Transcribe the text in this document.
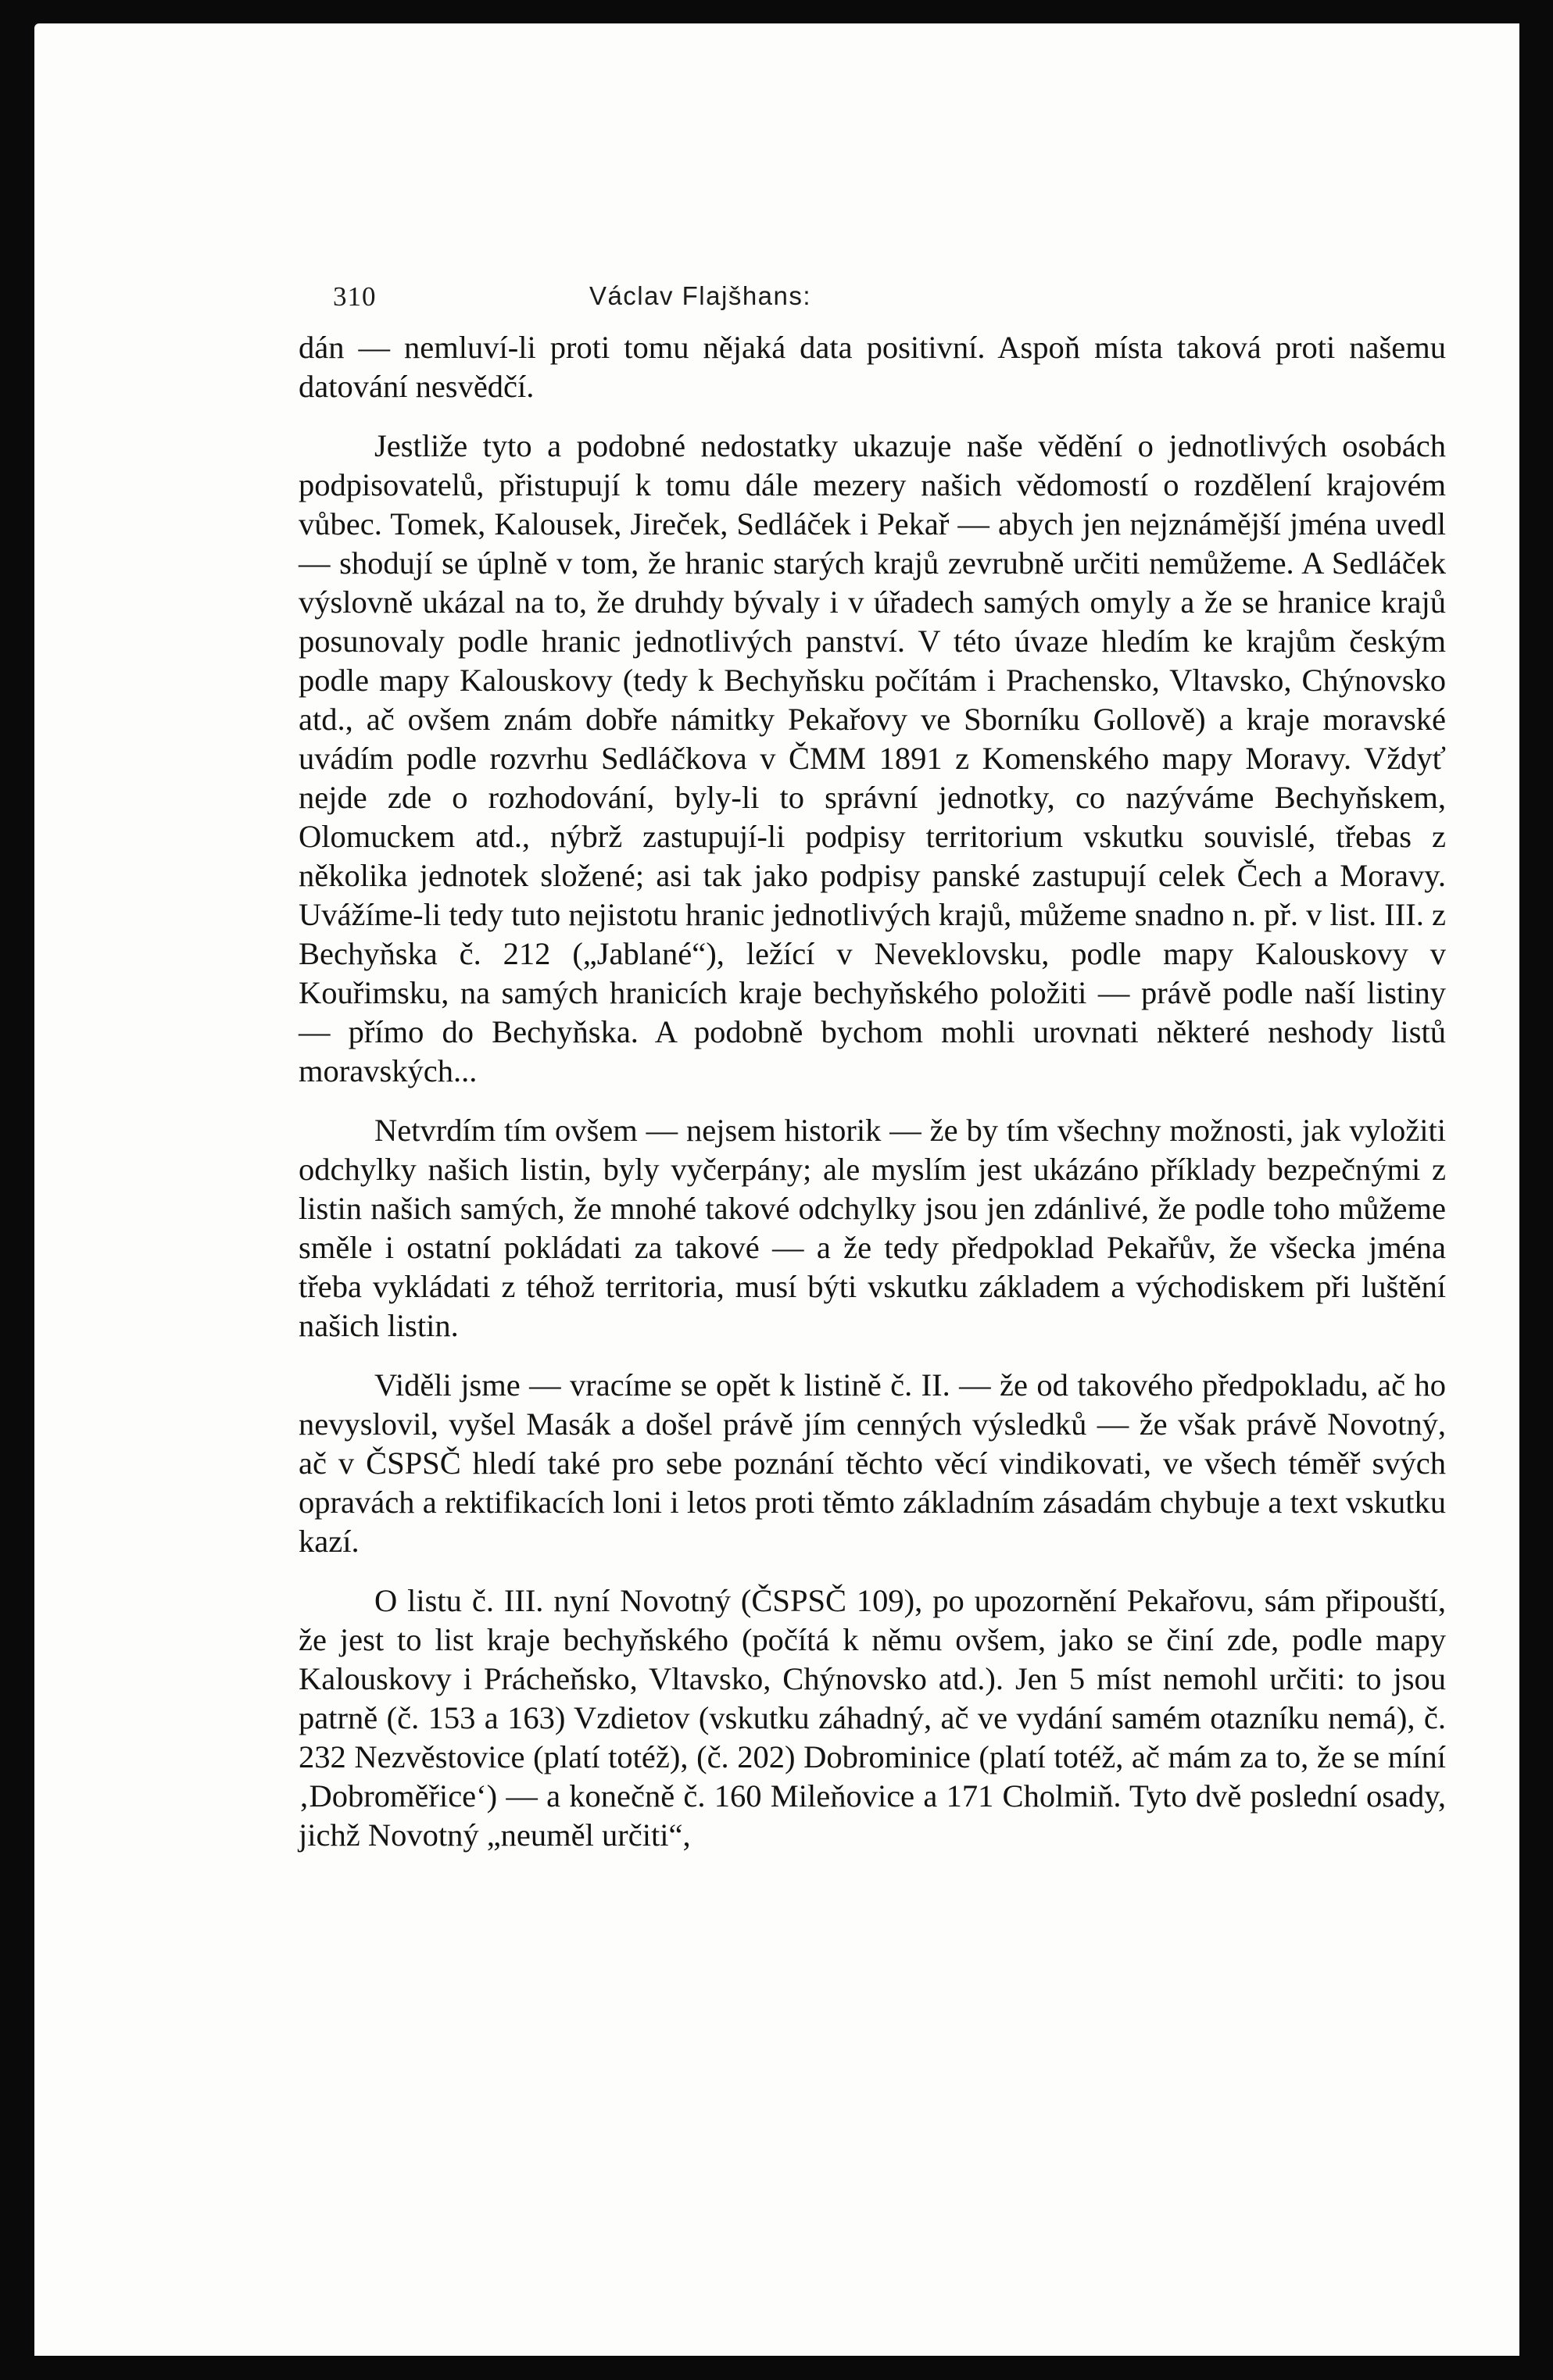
310	Václav Flajšhans:

dán — nemluví-li proti tomu nějaká data positivní. Aspoň místa taková proti našemu datování nesvědčí.

Jestliže tyto a podobné nedostatky ukazuje naše vědění o jednotlivých osobách podpisovatelů, přistupují k tomu dále mezery našich vědomostí o rozdělení krajovém vůbec. Tomek, Kalousek, Jireček, Sedláček i Pekař — abych jen nejznámější jména uvedl — shodují se úplně v tom, že hranic starých krajů zevrubně určiti nemůžeme. A Sedláček výslovně ukázal na to, že druhdy bývaly i v úřadech samých omyly a že se hranice krajů posunovaly podle hranic jednotlivých panství. V této úvaze hledím ke krajům českým podle mapy Kalouskovy (tedy k Bechyňsku počítám i Prachensko, Vltavsko, Chýnovsko atd., ač ovšem znám dobře námitky Pekařovy ve Sborníku Gollově) a kraje moravské uvádím podle rozvrhu Sedláčkova v ČMM 1891 z Komenského mapy Moravy. Vždyť nejde zde o rozhodování, byly-li to správní jednotky, co nazýváme Bechyňskem, Olomuckem atd., nýbrž zastupují-li podpisy territorium vskutku souvislé, třebas z několika jednotek složené; asi tak jako podpisy panské zastupují celek Čech a Moravy. Uvážíme-li tedy tuto nejistotu hranic jednotlivých krajů, můžeme snadno n. př. v list. III. z Bechyňska č. 212 („Jablané“), ležící v Neveklovsku, podle mapy Kalouskovy v Kouřimsku, na samých hranicích kraje bechyňského položiti — právě podle naší listiny — přímo do Bechyňska. A podobně bychom mohli urovnati některé neshody listů moravských...

Netvrdím tím ovšem — nejsem historik — že by tím všechny možnosti, jak vyložiti odchylky našich listin, byly vyčerpány; ale myslím jest ukázáno příklady bezpečnými z listin našich samých, že mnohé takové odchylky jsou jen zdánlivé, že podle toho můžeme směle i ostatní pokládati za takové — a že tedy předpoklad Pekařův, že všecka jména třeba vykládati z téhož territoria, musí býti vskutku základem a východiskem při luštění našich listin.

Viděli jsme — vracíme se opět k listině č. II. — že od takového předpokladu, ač ho nevyslovil, vyšel Masák a došel právě jím cenných výsledků — že však právě Novotný, ač v ČSPSČ hledí také pro sebe poznání těchto věcí vindikovati, ve všech téměř svých opravách a rektifikacích loni i letos proti těmto základním zásadám chybuje a text vskutku kazí.

O listu č. III. nyní Novotný (ČSPSČ 109), po upozornění Pekařovu, sám připouští, že jest to list kraje bechyňského (počítá k němu ovšem, jako se činí zde, podle mapy Kalouskovy i Prácheňsko, Vltavsko, Chýnovsko atd.). Jen 5 míst nemohl určiti: to jsou patrně (č. 153 a 163) Vzdietov (vskutku záhadný, ač ve vydání samém otazníku nemá), č. 232 Nezvěstovice (platí totéž), (č. 202) Dobrominice (platí totéž, ač mám za to, že se míní ‚Dobroměřice‘) — a konečně č. 160 Mileňovice a 171 Cholmiň. Tyto dvě poslední osady, jichž Novotný „neuměl určiti“,
